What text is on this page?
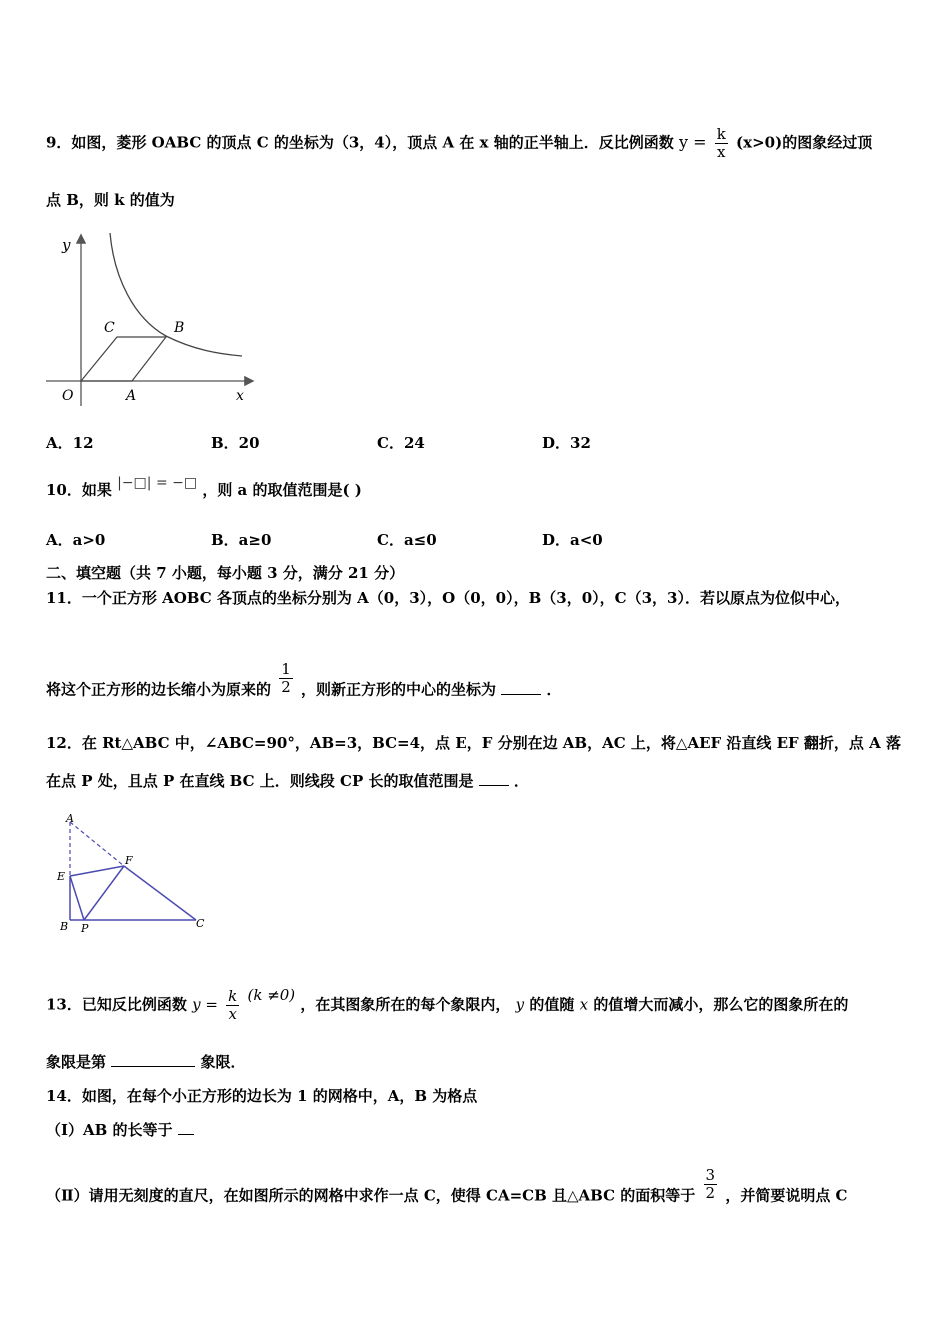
9．如图，菱形 OABC 的顶点 C 的坐标为（3，4），顶点 A 在 x 轴的正半轴上．反比例函数 $y = \frac{k}{x} (x>0)$的图象经过顶
点 B，则 k 的值为
y
x
O	A
C	B
A．12	B．20	C．24	D．32
10．如果 |−□| = −□ ，则 a 的取值范围是( )
A．a>0	B．a≥0	C．a≤0	D．a<0
二、填空题（共 7 小题，每小题 3 分，满分 21 分）
11．一个正方形 AOBC 各顶点的坐标分别为 A（0，3），O（0，0），B（3，0），C（3，3）．若以原点为位似中心，
将这个正方形的边长缩小为原来的 $\frac{1}{2}$ ，则新正方形的中心的坐标为	．
12．在 Rt△ABC 中，∠ABC=90°，AB=3，BC=4，点 E，F 分别在边 AB，AC 上，将△AEF 沿直线 EF 翻折，点 A 落
在点 P 处，且点 P 在直线 BC 上．则线段 CP 长的取值范围是	．
A
E
F
B P	C
13．已知反比例函数 $y = \frac{k}{x} (k \ne 0)$ ，在其图象所在的每个象限内， y 的值随 x 的值增大而减小，那么它的图象所在的
象限是第	象限．
14．如图，在每个小正方形的边长为 1 的网格中，A，B 为格点
（Ⅰ）AB 的长等于
（Ⅱ）请用无刻度的直尺，在如图所示的网格中求作一点 C，使得 CA=CB 且△ABC 的面积等于 $\frac{3}{2}$ ，并简要说明点 C
